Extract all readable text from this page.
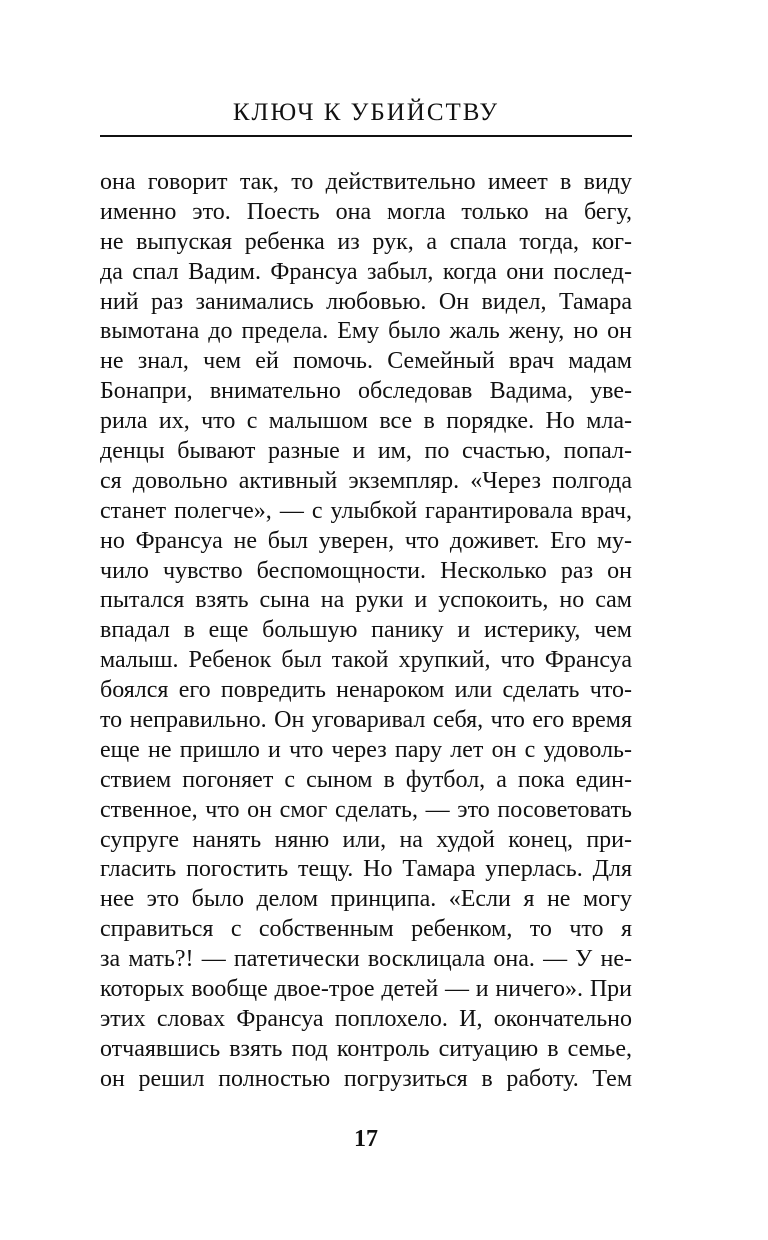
КЛЮЧ К УБИЙСТВУ
она говорит так, то действительно имеет в виду
именно это. Поесть она могла только на бегу,
не выпуская ребенка из рук, а спала тогда, ког-
да спал Вадим. Франсуа забыл, когда они послед-
ний раз занимались любовью. Он видел, Тамара
вымотана до предела. Ему было жаль жену, но он
не знал, чем ей помочь. Семейный врач мадам
Бонапри, внимательно обследовав Вадима, уве-
рила их, что с малышом все в порядке. Но мла-
денцы бывают разные и им, по счастью, попал-
ся довольно активный экземпляр. «Через полгода
станет полегче», — с улыбкой гарантировала врач,
но Франсуа не был уверен, что доживет. Его му-
чило чувство беспомощности. Несколько раз он
пытался взять сына на руки и успокоить, но сам
впадал в еще большую панику и истерику, чем
малыш. Ребенок был такой хрупкий, что Франсуа
боялся его повредить ненароком или сделать что-
то неправильно. Он уговаривал себя, что его время
еще не пришло и что через пару лет он с удоволь-
ствием погоняет с сыном в футбол, а пока един-
ственное, что он смог сделать, — это посоветовать
супруге нанять няню или, на худой конец, при-
гласить погостить тещу. Но Тамара уперлась. Для
нее это было делом принципа. «Если я не могу
справиться с собственным ребенком, то что я
за мать?! — патетически восклицала она. — У не-
которых вообще двое-трое детей — и ничего». При
этих словах Франсуа поплохело. И, окончательно
отчаявшись взять под контроль ситуацию в семье,
он решил полностью погрузиться в работу. Тем
17
